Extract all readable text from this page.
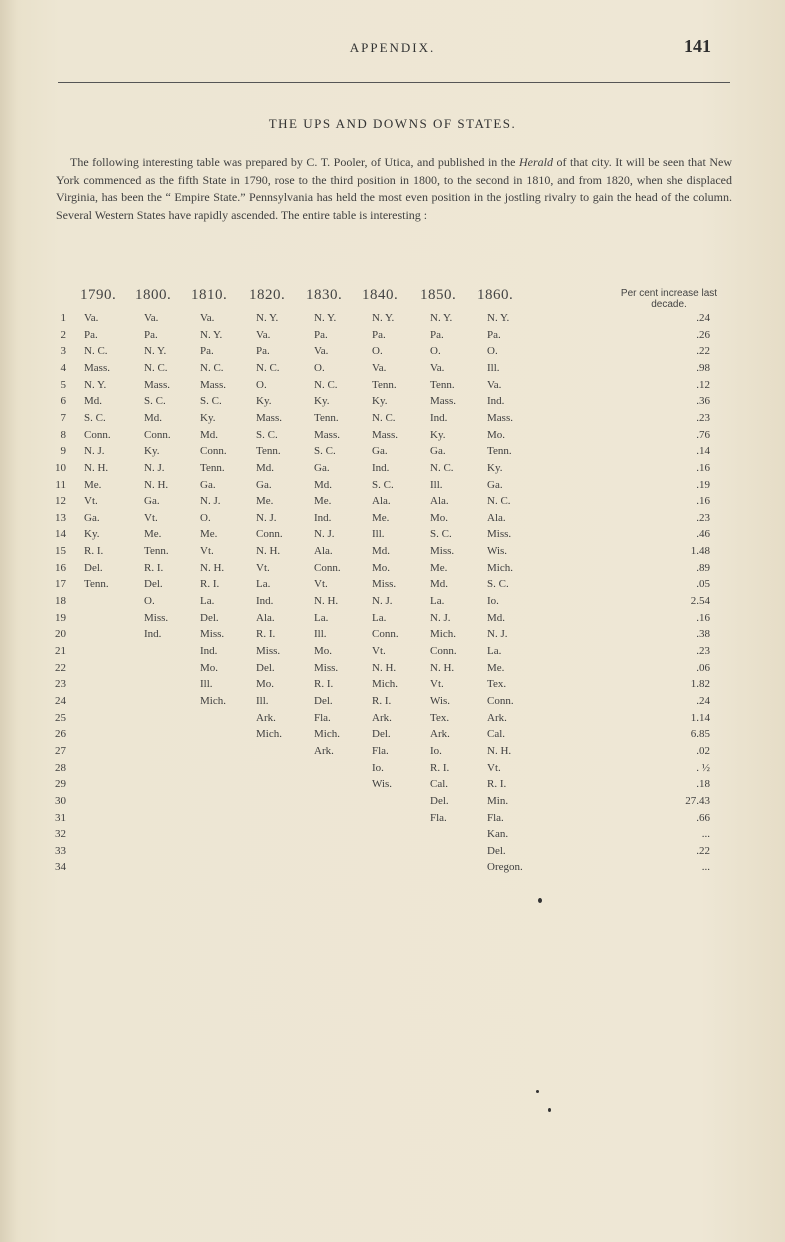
APPENDIX.	141
THE UPS AND DOWNS OF STATES.
The following interesting table was prepared by C. T. Pooler, of Utica, and published in the Herald of that city. It will be seen that New York commenced as the fifth State in 1790, rose to the third position in 1800, to the second in 1810, and from 1820, when she displaced Virginia, has been the “ Empire State.” Pennsylvania has held the most even position in the jostling rivalry to gain the head of the column. Several Western States have rapidly ascended. The entire table is interesting :
1790. 1800. 1810. 1820. 1830. 1840. 1850. 1860.	Per cent increase last decade.
1
2
3
4
5
6
7
8
9
10
11
12
13
14
15
16
17
18
19
20
21
22
23
24
25
26
27
28
29
30
31
32
33
34
Va.
Pa.
N. C.
Mass.
N. Y.
Md.
S. C.
Conn.
N. J.
N. H.
Me.
Vt.
Ga.
Ky.
R. I.
Del.
Tenn.
Va.
Pa.
N. Y.
N. C.
Mass.
S. C.
Md.
Conn.
Ky.
N. J.
N. H.
Ga.
Vt.
Me.
Tenn.
R. I.
Del.
O.
Miss.
Ind.
Va.
N. Y.
Pa.
N. C.
Mass.
S. C.
Ky.
Md.
Conn.
Tenn.
Ga.
N. J.
O.
Me.
Vt.
N. H.
R. I.
La.
Del.
Miss.
Ind.
Mo.
Ill.
Mich.
N. Y.
Va.
Pa.
N. C.
O.
Ky.
Mass.
S. C.
Tenn.
Md.
Ga.
Me.
N. J.
Conn.
N. H.
Vt.
La.
Ind.
Ala.
R. I.
Miss.
Del.
Mo.
Ill.
Ark.
Mich.
N. Y.
Pa.
Va.
O.
N. C.
Ky.
Tenn.
Mass.
S. C.
Ga.
Md.
Me.
Ind.
N. J.
Ala.
Conn.
Vt.
N. H.
La.
Ill.
Mo.
Miss.
R. I.
Del.
Fla.
Mich.
Ark.
N. Y.
Pa.
O.
Va.
Tenn.
Ky.
N. C.
Mass.
Ga.
Ind.
S. C.
Ala.
Me.
Ill.
Md.
Mo.
Miss.
N. J.
La.
Conn.
Vt.
N. H.
Mich.
R. I.
Ark.
Del.
Fla.
Io.
Wis.
N. Y.
Pa.
O.
Va.
Tenn.
Mass.
Ind.
Ky.
Ga.
N. C.
Ill.
Ala.
Mo.
S. C.
Miss.
Me.
Md.
La.
N. J.
Mich.
Conn.
N. H.
Vt.
Wis.
Tex.
Ark.
Io.
R. I.
Cal.
Del.
Fla.
N. Y.
Pa.
O.
Ill.
Va.
Ind.
Mass.
Mo.
Tenn.
Ky.
Ga.
N. C.
Ala.
Miss.
Wis.
Mich.
S. C.
Io.
Md.
N. J.
La.
Me.
Tex.
Conn.
Ark.
Cal.
N. H.
Vt.
R. I.
Min.
Fla.
Kan.
Del.
Oregon.
.24
.26
.22
.98
.12
.36
.23
.76
.14
.16
.19
.16
.23
.46
1.48
.89
.05
2.54
.16
.38
.23
.06
1.82
.24
1.14
6.85
.02
. ½
.18
27.43
.66
...
.22
...
